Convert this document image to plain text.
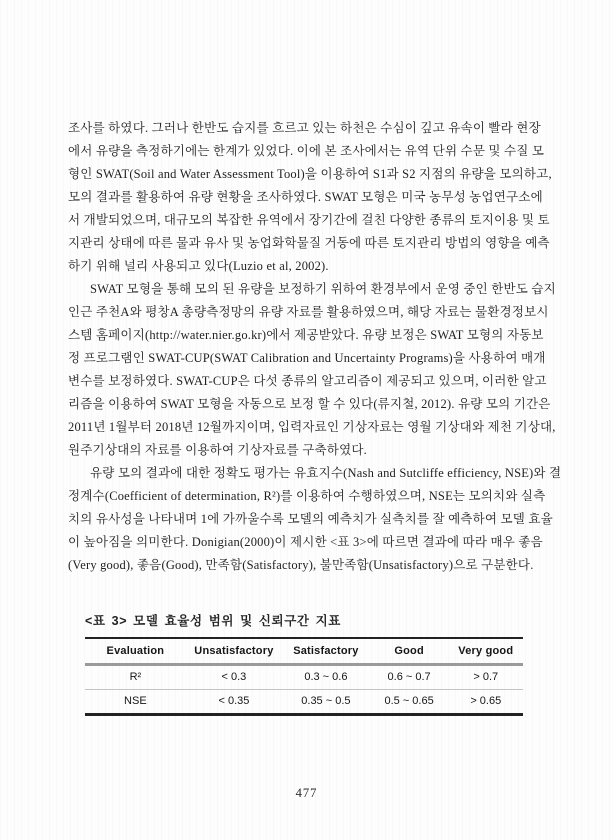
조사를 하였다. 그러나 한반도 습지를 흐르고 있는 하천은 수심이 깊고 유속이 빨라 현장
에서 유량을 측정하기에는 한계가 있었다. 이에 본 조사에서는 유역 단위 수문 및 수질 모
형인 SWAT(Soil and Water Assessment Tool)을 이용하여 S1과 S2 지점의 유량을 모의하고,
모의 결과를 활용하여 유량 현황을 조사하였다. SWAT 모형은 미국 농무성 농업연구소에
서 개발되었으며, 대규모의 복잡한 유역에서 장기간에 걸친 다양한 종류의 토지이용 및 토
지관리 상태에 따른 물과 유사 및 농업화학물질 거동에 따른 토지관리 방법의 영향을 예측
하기 위해 널리 사용되고 있다(Luzio et al, 2002).
SWAT 모형을 통해 모의 된 유량을 보정하기 위하여 환경부에서 운영 중인 한반도 습지
인근 주천A와 평창A 총량측정망의 유량 자료를 활용하였으며, 해당 자료는 물환경정보시
스템 홈페이지(http://water.nier.go.kr)에서 제공받았다. 유량 보정은 SWAT 모형의 자동보
정 프로그램인 SWAT-CUP(SWAT Calibration and Uncertainty Programs)을 사용하여 매개
변수를 보정하였다. SWAT-CUP은 다섯 종류의 알고리즘이 제공되고 있으며, 이러한 알고
리즘을 이용하여 SWAT 모형을 자동으로 보정 할 수 있다(류지철, 2012). 유량 모의 기간은
2011년 1월부터 2018년 12월까지이며, 입력자료인 기상자료는 영월 기상대와 제천 기상대,
원주기상대의 자료를 이용하여 기상자료를 구축하였다.
유량 모의 결과에 대한 정확도 평가는 유효지수(Nash and Sutcliffe efficiency, NSE)와 결
정계수(Coefficient of determination, R²)를 이용하여 수행하였으며, NSE는 모의치와 실측
치의 유사성을 나타내며 1에 가까울수록 모델의 예측치가 실측치를 잘 예측하여 모델 효율
이 높아짐을 의미한다. Donigian(2000)이 제시한 <표 3>에 따르면 결과에 따라 매우 좋음
(Very good), 좋음(Good), 만족함(Satisfactory), 불만족함(Unsatisfactory)으로 구분한다.
<표 3> 모델 효율성 범위 및 신뢰구간 지표
Evaluation	Unsatisfactory	Satisfactory	Good	Very good
R²	< 0.3	0.3 ~ 0.6	0.6 ~ 0.7	> 0.7
NSE	< 0.35	0.35 ~ 0.5	0.5 ~ 0.65	> 0.65
477
